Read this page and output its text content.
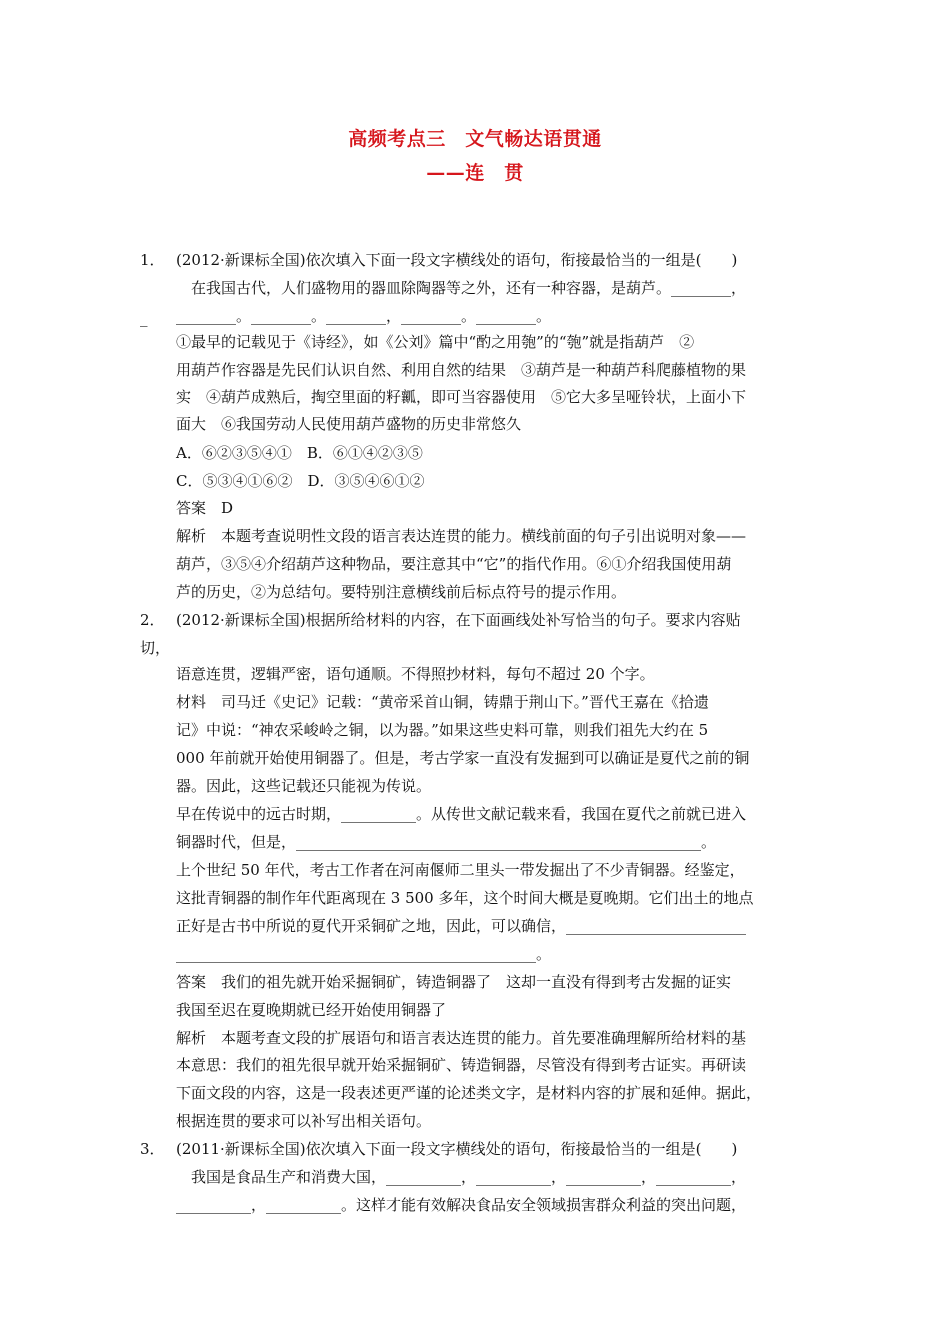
高频考点三　文气畅达语贯通
——连　贯
1． (2012·新课标全国)依次填入下面一段文字横线处的语句，衔接最恰当的一组是(　　)
　在我国古代，人们盛物用的器皿除陶器等之外，还有一种容器，是葫芦。________，
_ ________。________。________，________。________。
①最早的记载见于《诗经》，如《公刘》篇中“酌之用匏”的“匏”就是指葫芦　②
用葫芦作容器是先民们认识自然、利用自然的结果　③葫芦是一种葫芦科爬藤植物的果
实　④葫芦成熟后，掏空里面的籽瓤，即可当容器使用　⑤它大多呈哑铃状，上面小下
面大　⑥我国劳动人民使用葫芦盛物的历史非常悠久
A．⑥②③⑤④①　B．⑥①④②③⑤
C．⑤③④①⑥②　D．③⑤④⑥①②
答案　D
解析　本题考查说明性文段的语言表达连贯的能力。横线前面的句子引出说明对象——
葫芦，③⑤④介绍葫芦这种物品，要注意其中“它”的指代作用。⑥①介绍我国使用葫
芦的历史，②为总结句。要特别注意横线前后标点符号的提示作用。
2． (2012·新课标全国)根据所给材料的内容，在下面画线处补写恰当的句子。要求内容贴
切，
语意连贯，逻辑严密，语句通顺。不得照抄材料，每句不超过 20 个字。
材料　司马迁《史记》记载：“黄帝采首山铜，铸鼎于荆山下。”晋代王嘉在《拾遗
记》中说：“神农采峻岭之铜，以为器。”如果这些史料可靠，则我们祖先大约在 5
000 年前就开始使用铜器了。但是，考古学家一直没有发掘到可以确证是夏代之前的铜
器。因此，这些记载还只能视为传说。
早在传说中的远古时期，__________。从传世文献记载来看，我国在夏代之前就已进入
铜器时代，但是，______________________________________________________。
上个世纪 50 年代，考古工作者在河南偃师二里头一带发掘出了不少青铜器。经鉴定，
这批青铜器的制作年代距离现在 3 500 多年，这个时间大概是夏晚期。它们出土的地点
正好是古书中所说的夏代开采铜矿之地，因此，可以确信，________________________
________________________________________________。
答案　我们的祖先就开始采掘铜矿，铸造铜器了　这却一直没有得到考古发掘的证实
我国至迟在夏晚期就已经开始使用铜器了
解析　本题考查文段的扩展语句和语言表达连贯的能力。首先要准确理解所给材料的基
本意思：我们的祖先很早就开始采掘铜矿、铸造铜器，尽管没有得到考古证实。再研读
下面文段的内容，这是一段表述更严谨的论述类文字，是材料内容的扩展和延伸。据此，
根据连贯的要求可以补写出相关语句。
3． (2011·新课标全国)依次填入下面一段文字横线处的语句，衔接最恰当的一组是(　　)
　我国是食品生产和消费大国，__________，__________，__________，__________，
__________，__________。这样才能有效解决食品安全领域损害群众利益的突出问题，
